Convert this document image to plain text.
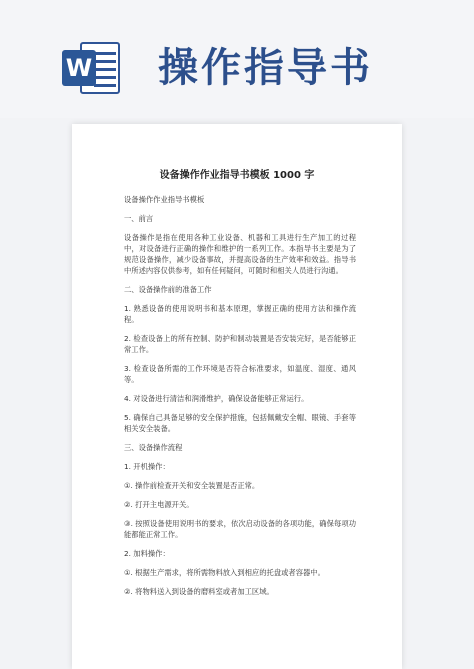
W 操作指导书
设备操作作业指导书模板 1000 字

设备操作作业指导书模板

一、前言

设备操作是指在使用各种工业设备、机器和工具进行生产加工的过程中，对设备进行正确的操作和维护的一系列工作。本指导书主要是为了规范设备操作，减少设备事故，并提高设备的生产效率和效益。指导书中所述内容仅供参考，如有任何疑问，可随时和相关人员进行沟通。

二、设备操作前的准备工作

1. 熟悉设备的使用说明书和基本原理，掌握正确的使用方法和操作流程。

2. 检查设备上的所有控制、防护和制动装置是否安装完好，是否能够正常工作。

3. 检查设备所需的工作环境是否符合标准要求，如温度、湿度、通风等。

4. 对设备进行清洁和润滑维护，确保设备能够正常运行。

5. 确保自己具备足够的安全保护措施，包括佩戴安全帽、眼镜、手套等相关安全装备。

三、设备操作流程

1. 开机操作：

①. 操作前检查开关和安全装置是否正常。

②. 打开主电源开关。

③. 按照设备使用说明书的要求，依次启动设备的各项功能，确保每项功能都能正常工作。

2. 加料操作：

①. 根据生产需求，将所需物料放入到相应的托盘或者容器中。

②. 将物料送入到设备的磨料室或者加工区域。
